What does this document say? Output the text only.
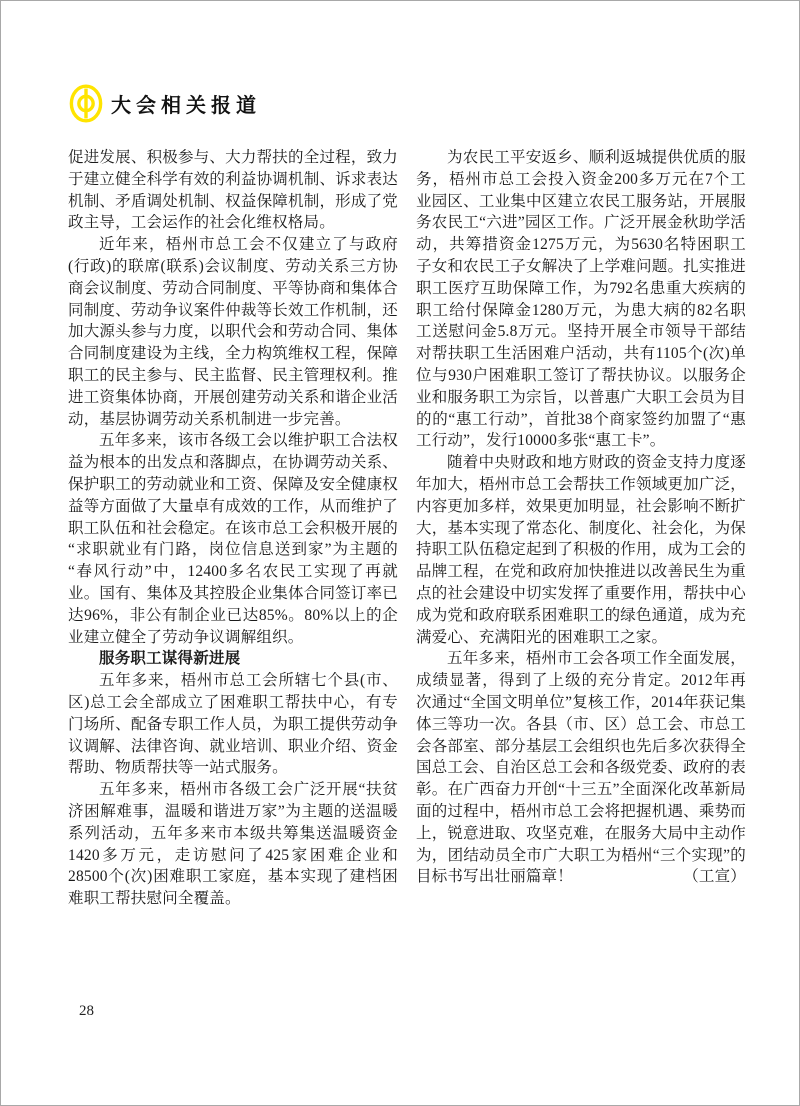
大会相关报道

促进发展、积极参与、大力帮扶的全过程，致力于建立健全科学有效的利益协调机制、诉求表达机制、矛盾调处机制、权益保障机制，形成了党政主导，工会运作的社会化维权格局。

近年来，梧州市总工会不仅建立了与政府(行政)的联席(联系)会议制度、劳动关系三方协商会议制度、劳动合同制度、平等协商和集体合同制度、劳动争议案件仲裁等长效工作机制，还加大源头参与力度，以职代会和劳动合同、集体合同制度建设为主线，全力构筑维权工程，保障职工的民主参与、民主监督、民主管理权利。推进工资集体协商，开展创建劳动关系和谐企业活动，基层协调劳动关系机制进一步完善。

五年多来，该市各级工会以维护职工合法权益为根本的出发点和落脚点，在协调劳动关系、保护职工的劳动就业和工资、保障及安全健康权益等方面做了大量卓有成效的工作，从而维护了职工队伍和社会稳定。在该市总工会积极开展的“求职就业有门路，岗位信息送到家”为主题的“春风行动”中，12400多名农民工实现了再就业。国有、集体及其控股企业集体合同签订率已达96%，非公有制企业已达85%。80%以上的企业建立健全了劳动争议调解组织。

服务职工谋得新进展

五年多来，梧州市总工会所辖七个县(市、区)总工会全部成立了困难职工帮扶中心，有专门场所、配备专职工作人员，为职工提供劳动争议调解、法律咨询、就业培训、职业介绍、资金帮助、物质帮扶等一站式服务。

五年多来，梧州市各级工会广泛开展“扶贫济困解难事，温暖和谐进万家”为主题的送温暖系列活动，五年多来市本级共筹集送温暖资金1420多万元，走访慰问了425家困难企业和28500个(次)困难职工家庭，基本实现了建档困难职工帮扶慰问全覆盖。

为农民工平安返乡、顺利返城提供优质的服务，梧州市总工会投入资金200多万元在7个工业园区、工业集中区建立农民工服务站，开展服务农民工“六进”园区工作。广泛开展金秋助学活动，共筹措资金1275万元，为5630名特困职工子女和农民工子女解决了上学难问题。扎实推进职工医疗互助保障工作，为792名患重大疾病的职工给付保障金1280万元，为患大病的82名职工送慰问金5.8万元。坚持开展全市领导干部结对帮扶职工生活困难户活动，共有1105个(次)单位与930户困难职工签订了帮扶协议。以服务企业和服务职工为宗旨，以普惠广大职工会员为目的的“惠工行动”，首批38个商家签约加盟了“惠工行动”，发行10000多张“惠工卡”。

随着中央财政和地方财政的资金支持力度逐年加大，梧州市总工会帮扶工作领域更加广泛，内容更加多样，效果更加明显，社会影响不断扩大，基本实现了常态化、制度化、社会化，为保持职工队伍稳定起到了积极的作用，成为工会的品牌工程，在党和政府加快推进以改善民生为重点的社会建设中切实发挥了重要作用，帮扶中心成为党和政府联系困难职工的绿色通道，成为充满爱心、充满阳光的困难职工之家。

五年多来，梧州市工会各项工作全面发展，成绩显著，得到了上级的充分肯定。2012年再次通过“全国文明单位”复核工作，2014年获记集体三等功一次。各县（市、区）总工会、市总工会各部室、部分基层工会组织也先后多次获得全国总工会、自治区总工会和各级党委、政府的表彰。在广西奋力开创“十三五”全面深化改革新局面的过程中，梧州市总工会将把握机遇、乘势而上，锐意进取、攻坚克难，在服务大局中主动作为，团结动员全市广大职工为梧州“三个实现”的目标书写出壮丽篇章！	（工宣）

28
